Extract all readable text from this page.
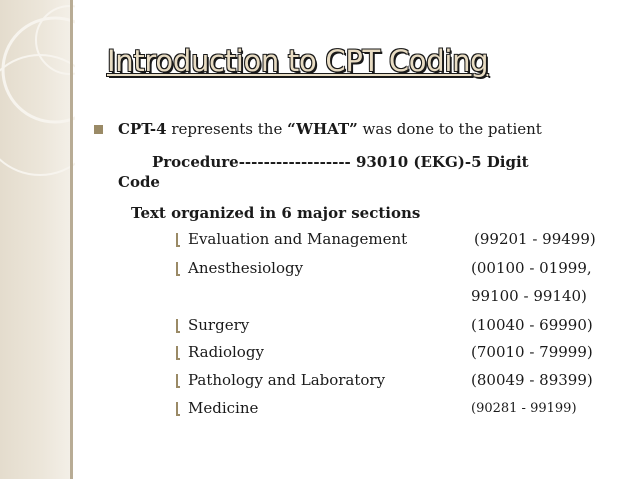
Introduction to CPT Coding
CPT-4 represents the “WHAT” was done to the patient
Procedure------------------ 93010 (EKG)-5 Digit
Code
Text organized in 6 major sections
Evaluation and Management	(99201 - 99499)
Anesthesiology	(00100 - 01999,
99100 - 99140)
Surgery	(10040 - 69990)
Radiology	(70010 - 79999)
Pathology and Laboratory	(80049 - 89399)
Medicine	(90281 - 99199)
